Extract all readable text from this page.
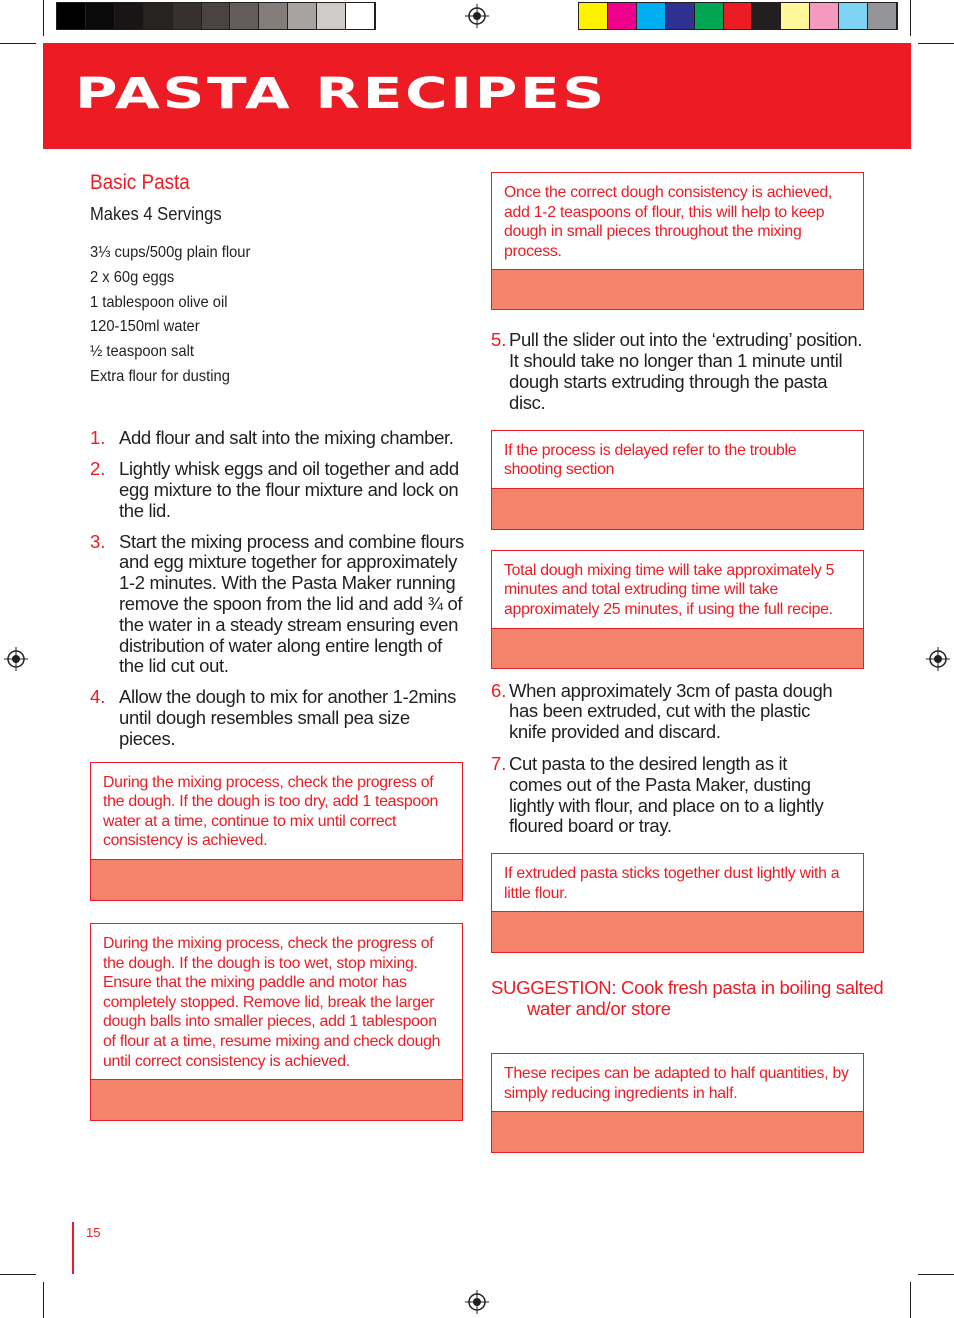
PASTA RECIPES
Basic Pasta
Makes 4 Servings
3⅓ cups/500g plain flour
2 x 60g eggs
1 tablespoon olive oil
120-150ml water
½ teaspoon salt
Extra flour for dusting
1. Add flour and salt into the mixing chamber.
2. Lightly whisk eggs and oil together and add egg mixture to the flour mixture and lock on the lid.
3. Start the mixing process and combine flours and egg mixture together for approximately 1-2 minutes. With the Pasta Maker running remove the spoon from the lid and add ¾ of the water in a steady stream ensuring even distribution of water along entire length of the lid cut out.
4. Allow the dough to mix for another 1-2mins until dough resembles small pea size pieces.
During the mixing process, check the progress of the dough. If the dough is too dry, add 1 teaspoon water at a time, continue to mix until correct consistency is achieved.
During the mixing process, check the progress of the dough. If the dough is too wet, stop mixing. Ensure that the mixing paddle and motor has completely stopped. Remove lid, break the larger dough balls into smaller pieces, add 1 tablespoon of flour at a time, resume mixing and check dough until correct consistency is achieved.
Once the correct dough consistency is achieved, add 1-2 teaspoons of flour, this will help to keep dough in small pieces throughout the mixing process.
5. Pull the slider out into the ‘extruding’ position. It should take no longer than 1 minute until dough starts extruding through the pasta disc.
If the process is delayed refer to the trouble shooting section
Total dough mixing time will take approximately 5 minutes and total extruding time will take approximately 25 minutes, if using the full recipe.
6. When approximately 3cm of pasta dough has been extruded, cut with the plastic knife provided and discard.
7. Cut pasta to the desired length as it comes out of the Pasta Maker, dusting lightly with flour, and place on to a lightly floured board or tray.
If extruded pasta sticks together dust lightly with a little flour.
SUGGESTION: Cook fresh pasta in boiling salted
water and/or store
These recipes can be adapted to half quantities, by simply reducing ingredients in half.
15
